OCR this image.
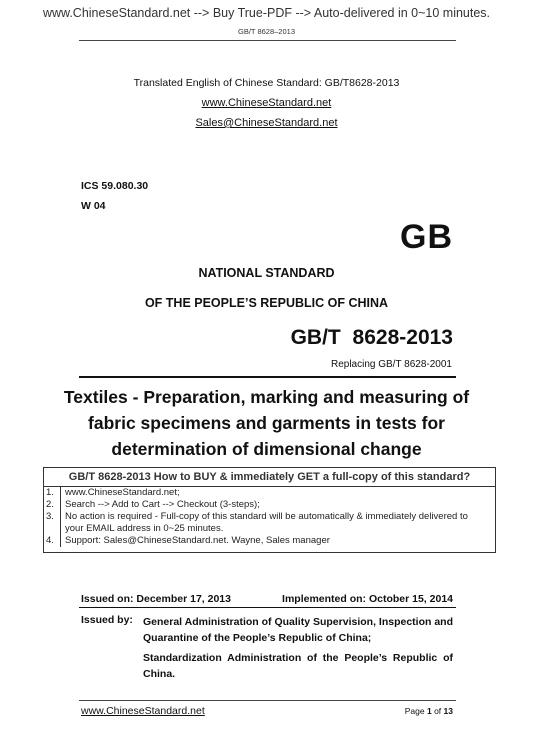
www.ChineseStandard.net --> Buy True-PDF --> Auto-delivered in 0~10 minutes.
GB/T 8628–2013
Translated English of Chinese Standard: GB/T8628-2013
www.ChineseStandard.net
Sales@ChineseStandard.net
ICS 59.080.30
W 04
GB
NATIONAL STANDARD
OF THE PEOPLE’S REPUBLIC OF CHINA
GB/T 8628-2013
Replacing GB/T 8628-2001
Textiles - Preparation, marking and measuring of
fabric specimens and garments in tests for
determination of dimensional change
GB/T 8628-2013 How to BUY & immediately GET a full-copy of this standard?
1.	www.ChineseStandard.net;
2.	Search --> Add to Cart --> Checkout (3-steps);
3.	No action is required - Full-copy of this standard will be automatically & immediately delivered to
your EMAIL address in 0~25 minutes.
4.	Support: Sales@ChineseStandard.net. Wayne, Sales manager
Issued on: December 17, 2013	Implemented on: October 15, 2014
Issued by: General Administration of Quality Supervision, Inspection and Quarantine of the People’s Republic of China;
Standardization Administration of the People’s Republic of China.
www.ChineseStandard.net	Page 1 of 13
